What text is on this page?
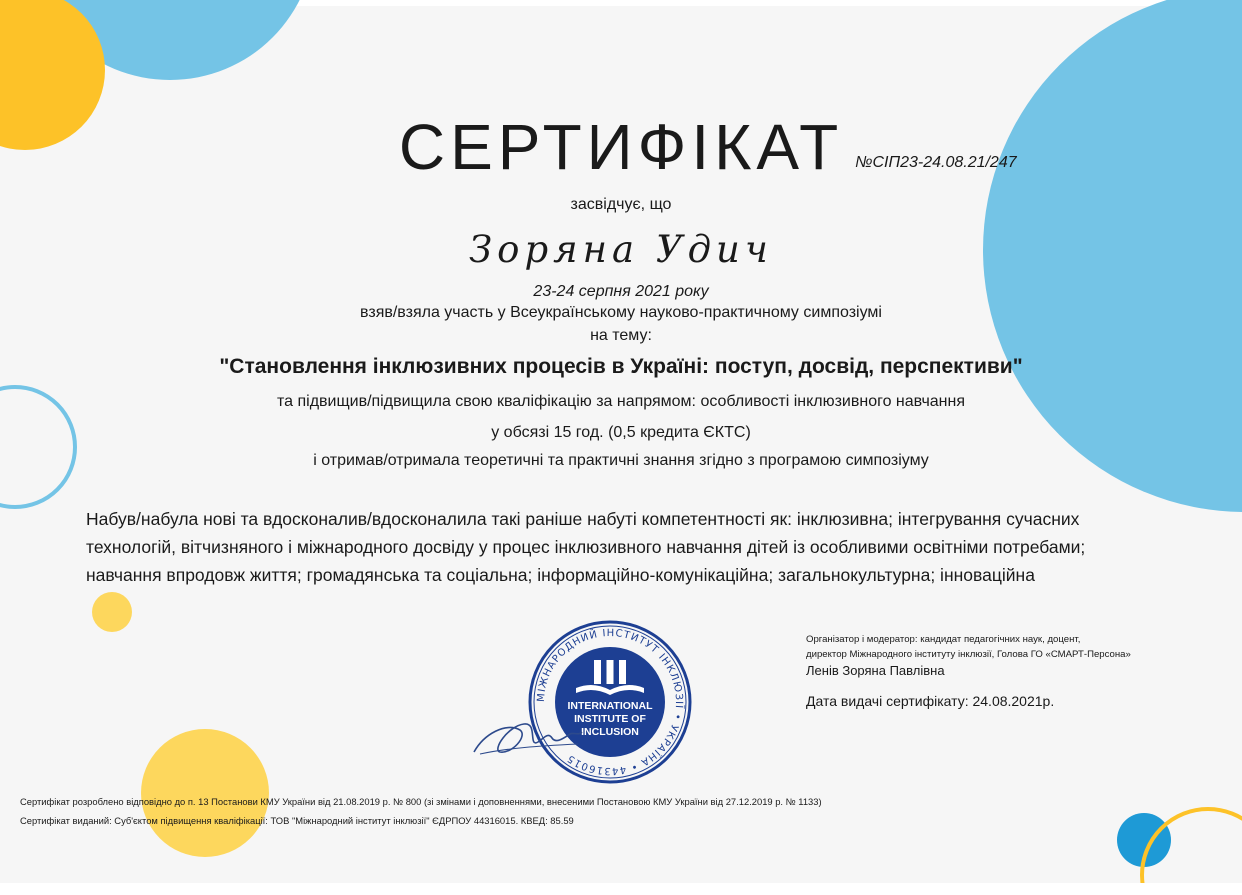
СЕРТИФІКАТ №СІП23-24.08.21/247
засвідчує, що
Зоряна Удич
23-24 серпня 2021 року
взяв/взяла участь у Всеукраїнському науково-практичному симпозіумі
на тему:
"Становлення інклюзивних процесів в Україні: поступ, досвід, перспективи"
та підвищив/підвищила свою кваліфікацію за напрямом: особливості інклюзивного навчання
у обсязі 15 год. (0,5 кредита ЄКТС)
і отримав/отримала теоретичні та практичні знання згідно з програмою симпозіуму
Набув/набула нові та вдосконалив/вдосконалила такі раніше набуті компетентності як: інклюзивна; інтегрування сучасних технологій, вітчизняного і міжнародного досвіду у процес інклюзивного навчання дітей із особливими освітніми потребами; навчання впродовж життя; громадянська та соціальна; інформаційно-комунікаційна; загальнокультурна; інноваційна
Організатор і модератор: кандидат педагогічних наук, доцент,
директор Міжнародного інституту інклюзії, Голова ГО «СМАРТ-Персона»
Ленів Зоряна Павлівна
Дата видачі сертифікату: 24.08.2021р.
МІЖНАРОДНИЙ ІНСТИТУТ ІНКЛЮЗІЇ • УКРАЇНА • 44316015
INTERNATIONAL
INSTITUTE OF
INCLUSION
Сертифікат розроблено відповідно до п. 13 Постанови КМУ України від 21.08.2019 р. № 800 (зі змінами і доповненнями, внесеними Постановою КМУ України від 27.12.2019 р. № 1133)
Сертифікат виданий: Суб'єктом підвищення кваліфікації: ТОВ "Міжнародний інститут інклюзії" ЄДРПОУ 44316015. КВЕД: 85.59
